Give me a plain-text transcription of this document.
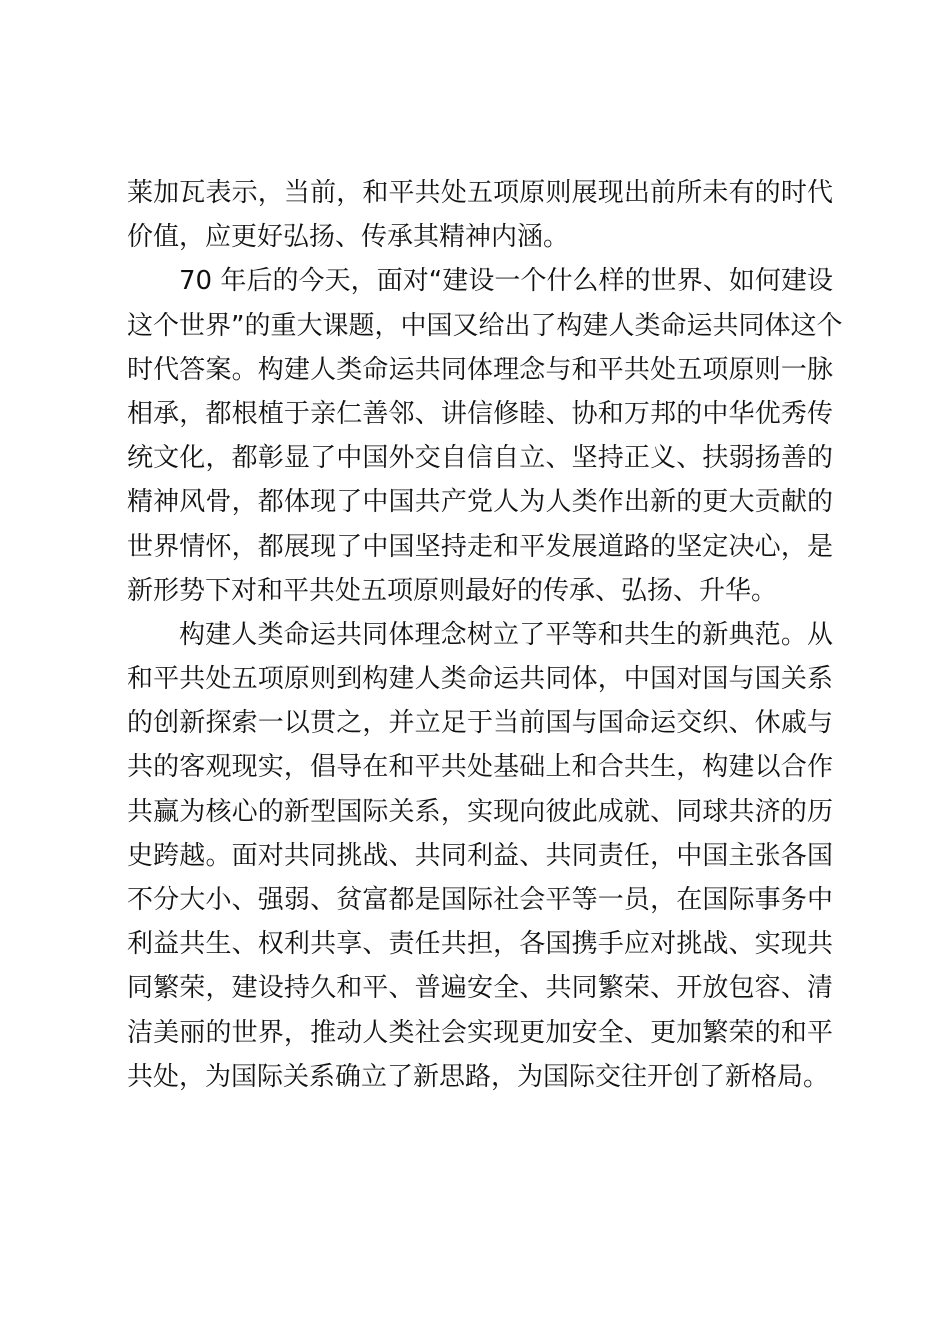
莱加瓦表示，当前，和平共处五项原则展现出前所未有的时代
价值，应更好弘扬、传承其精神内涵。
70 年后的今天，面对“建设一个什么样的世界、如何建设
这个世界”的重大课题，中国又给出了构建人类命运共同体这个
时代答案。构建人类命运共同体理念与和平共处五项原则一脉
相承，都根植于亲仁善邻、讲信修睦、协和万邦的中华优秀传
统文化，都彰显了中国外交自信自立、坚持正义、扶弱扬善的
精神风骨，都体现了中国共产党人为人类作出新的更大贡献的
世界情怀，都展现了中国坚持走和平发展道路的坚定决心，是
新形势下对和平共处五项原则最好的传承、弘扬、升华。
构建人类命运共同体理念树立了平等和共生的新典范。从
和平共处五项原则到构建人类命运共同体，中国对国与国关系
的创新探索一以贯之，并立足于当前国与国命运交织、休戚与
共的客观现实，倡导在和平共处基础上和合共生，构建以合作
共赢为核心的新型国际关系，实现向彼此成就、同球共济的历
史跨越。面对共同挑战、共同利益、共同责任，中国主张各国
不分大小、强弱、贫富都是国际社会平等一员，在国际事务中
利益共生、权利共享、责任共担，各国携手应对挑战、实现共
同繁荣，建设持久和平、普遍安全、共同繁荣、开放包容、清
洁美丽的世界，推动人类社会实现更加安全、更加繁荣的和平
共处，为国际关系确立了新思路，为国际交往开创了新格局。
